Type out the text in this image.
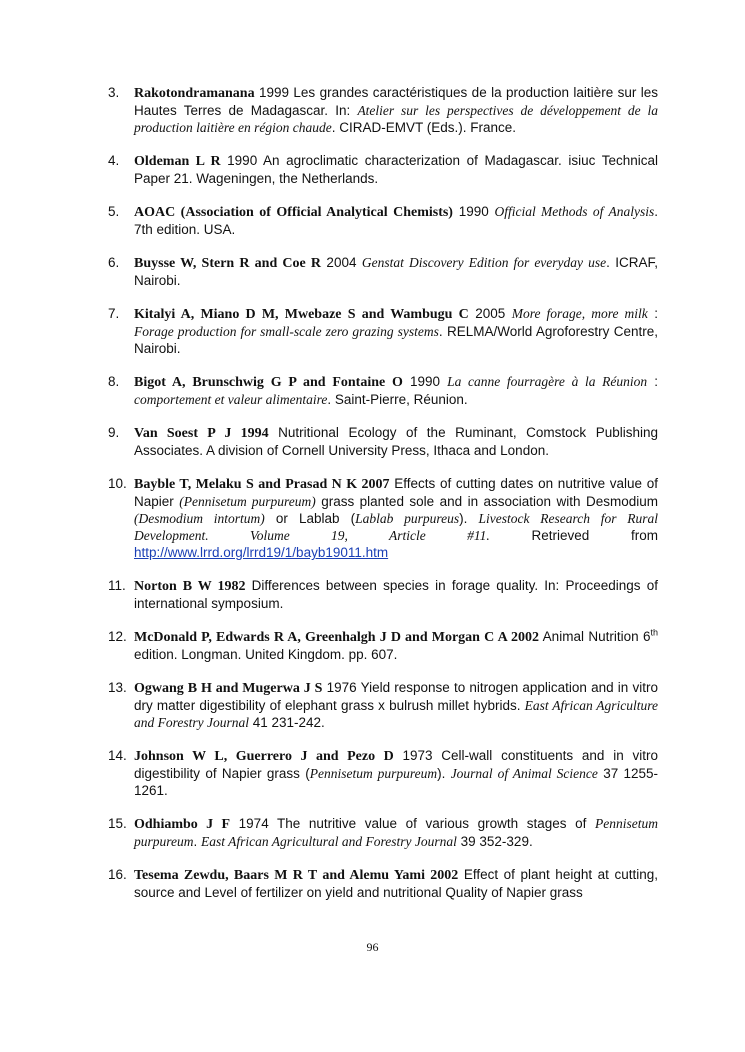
3. Rakotondramanana 1999 Les grandes caractéristiques de la production laitière sur les Hautes Terres de Madagascar. In: Atelier sur les perspectives de développement de la production laitière en région chaude. CIRAD-EMVT (Eds.). France.
4. Oldeman L R 1990 An agroclimatic characterization of Madagascar. isiuc Technical Paper 21. Wageningen, the Netherlands.
5. AOAC (Association of Official Analytical Chemists) 1990 Official Methods of Analysis. 7th edition. USA.
6. Buysse W, Stern R and Coe R 2004 Genstat Discovery Edition for everyday use. ICRAF, Nairobi.
7. Kitalyi A, Miano D M, Mwebaze S and Wambugu C 2005 More forage, more milk : Forage production for small-scale zero grazing systems. RELMA/World Agroforestry Centre, Nairobi.
8. Bigot A, Brunschwig G P and Fontaine O 1990 La canne fourragère à la Réunion : comportement et valeur alimentaire. Saint-Pierre, Réunion.
9. Van Soest P J 1994 Nutritional Ecology of the Ruminant, Comstock Publishing Associates. A division of Cornell University Press, Ithaca and London.
10. Bayble T, Melaku S and Prasad N K 2007 Effects of cutting dates on nutritive value of Napier (Pennisetum purpureum) grass planted sole and in association with Desmodium (Desmodium intortum) or Lablab (Lablab purpureus). Livestock Research for Rural Development. Volume 19, Article #11. Retrieved from http://www.lrrd.org/lrrd19/1/bayb19011.htm
11. Norton B W 1982 Differences between species in forage quality. In: Proceedings of international symposium.
12. McDonald P, Edwards R A, Greenhalgh J D and Morgan C A 2002 Animal Nutrition 6th edition. Longman. United Kingdom. pp. 607.
13. Ogwang B H and Mugerwa J S 1976 Yield response to nitrogen application and in vitro dry matter digestibility of elephant grass x bulrush millet hybrids. East African Agriculture and Forestry Journal 41 231-242.
14. Johnson W L, Guerrero J and Pezo D 1973 Cell-wall constituents and in vitro digestibility of Napier grass (Pennisetum purpureum). Journal of Animal Science 37 1255-1261.
15. Odhiambo J F 1974 The nutritive value of various growth stages of Pennisetum purpureum. East African Agricultural and Forestry Journal 39 352-329.
16. Tesema Zewdu, Baars M R T and Alemu Yami 2002 Effect of plant height at cutting, source and Level of fertilizer on yield and nutritional Quality of Napier grass
96
